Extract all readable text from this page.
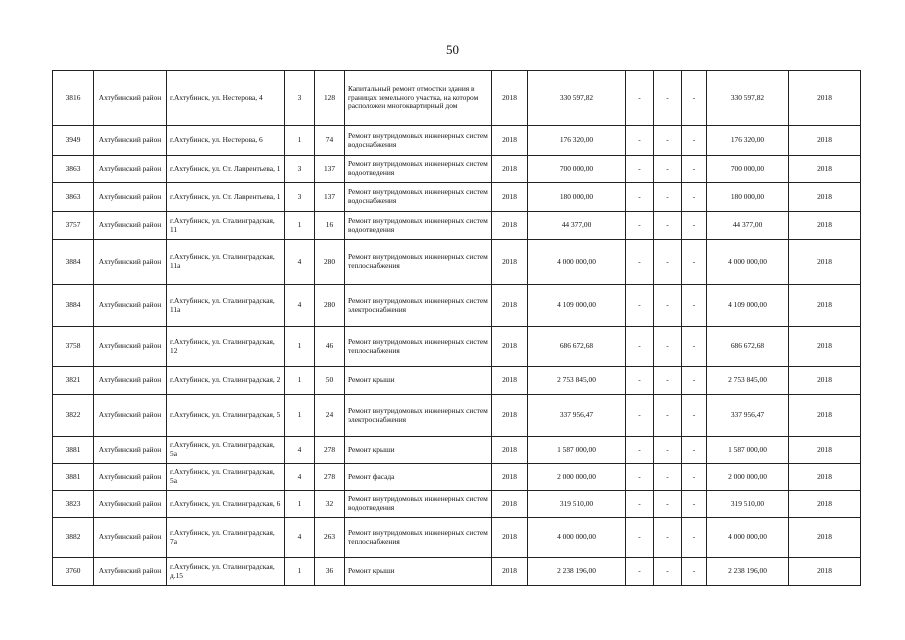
50
3816	Ахтубинский район	г.Ахтубинск, ул. Нестерова, 4	3	128	Капитальный ремонт отмостки здания в границах земельного участка, на котором расположен многоквартирный дом	2018	330 597,82	-	-	-	330 597,82	2018
3949	Ахтубинский район	г.Ахтубинск, ул. Нестерова, 6	1	74	Ремонт внутридомовых инженерных систем водоснабжения	2018	176 320,00	-	-	-	176 320,00	2018
3863	Ахтубинский район	г.Ахтубинск, ул. Ст. Лаврентьева, 1	3	137	Ремонт внутридомовых инженерных систем водоотведения	2018	700 000,00	-	-	-	700 000,00	2018
3863	Ахтубинский район	г.Ахтубинск, ул. Ст. Лаврентьева, 1	3	137	Ремонт внутридомовых инженерных систем водоснабжения	2018	180 000,00	-	-	-	180 000,00	2018
3757	Ахтубинский район	г.Ахтубинск, ул. Сталинградская, 11	1	16	Ремонт внутридомовых инженерных систем водоотведения	2018	44 377,00	-	-	-	44 377,00	2018
3884	Ахтубинский район	г.Ахтубинск, ул. Сталинградская, 11а	4	280	Ремонт внутридомовых инженерных систем теплоснабжения	2018	4 000 000,00	-	-	-	4 000 000,00	2018
3884	Ахтубинский район	г.Ахтубинск, ул. Сталинградская, 11а	4	280	Ремонт внутридомовых инженерных систем электроснабжения	2018	4 109 000,00	-	-	-	4 109 000,00	2018
3758	Ахтубинский район	г.Ахтубинск, ул. Сталинградская, 12	1	46	Ремонт внутридомовых инженерных систем теплоснабжения	2018	686 672,68	-	-	-	686 672,68	2018
3821	Ахтубинский район	г.Ахтубинск, ул. Сталинградская, 2	1	50	Ремонт крыши	2018	2 753 845,00	-	-	-	2 753 845,00	2018
3822	Ахтубинский район	г.Ахтубинск, ул. Сталинградская, 5	1	24	Ремонт внутридомовых инженерных систем электроснабжения	2018	337 956,47	-	-	-	337 956,47	2018
3881	Ахтубинский район	г.Ахтубинск, ул. Сталинградская, 5а	4	278	Ремонт крыши	2018	1 587 000,00	-	-	-	1 587 000,00	2018
3881	Ахтубинский район	г.Ахтубинск, ул. Сталинградская, 5а	4	278	Ремонт фасада	2018	2 000 000,00	-	-	-	2 000 000,00	2018
3823	Ахтубинский район	г.Ахтубинск, ул. Сталинградская, 6	1	32	Ремонт внутридомовых инженерных систем водоотведения	2018	319 510,00	-	-	-	319 510,00	2018
3882	Ахтубинский район	г.Ахтубинск, ул. Сталинградская, 7а	4	263	Ремонт внутридомовых инженерных систем теплоснабжения	2018	4 000 000,00	-	-	-	4 000 000,00	2018
3760	Ахтубинский район	г.Ахтубинск, ул. Сталинградская, д.15	1	36	Ремонт крыши	2018	2 238 196,00	-	-	-	2 238 196,00	2018
